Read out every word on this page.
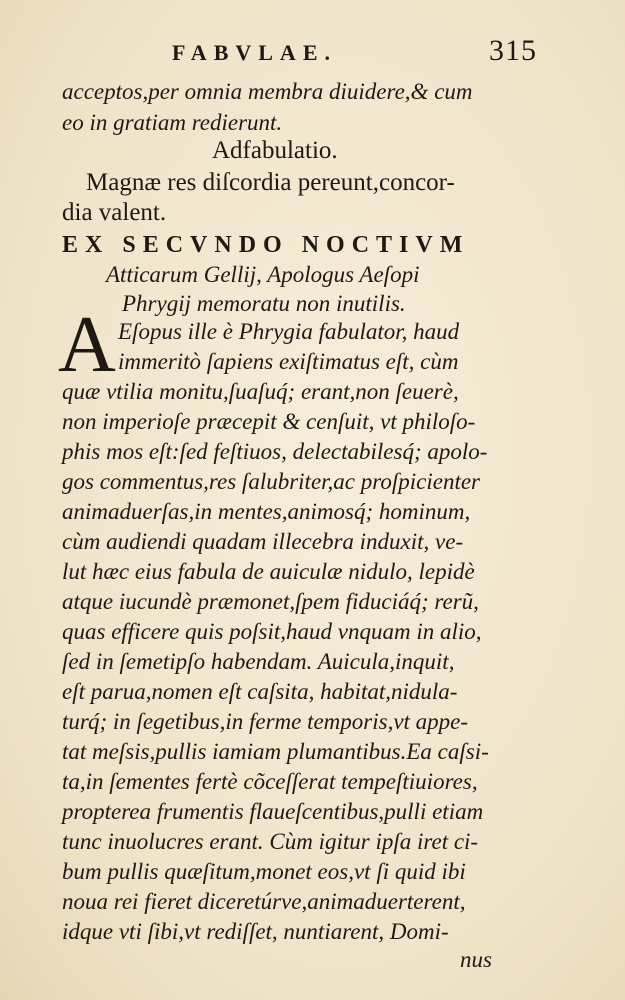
FABVLAE.	315
acceptos,per omnia membra diuidere,& cum
eo in gratiam redierunt.
Adfabulatio.
Magnæ res diſcordia pereunt,concor-
dia valent.
EX SECVNDO NOCTIVM
Atticarum Gellij, Apologus Aeſopi
Phrygij memoratu non inutilis.
A Eſopus ille è Phrygia fabulator, haud
immeritò ſapiens exiſtimatus eſt, cùm
quæ vtilia monitu,ſuaſuq́; erant,non ſeuerè,
non imperioſe præcepit & cenſuit, vt philoſo-
phis mos eſt:ſed feſtiuos, delectabilesq́; apolo-
gos commentus,res ſalubriter,ac proſpicienter
animaduerſas,in mentes,animosq́; hominum,
cùm audiendi quadam illecebra induxit, ve-
lut hæc eius fabula de auiculæ nidulo, lepidè
atque iucundè præmonet,ſpem fiduciáq́; rerũ,
quas efficere quis poſsit,haud vnquam in alio,
ſed in ſemetipſo habendam. Auicula,inquit,
eſt parua,nomen eſt caſsita, habitat,nidula-
turq́; in ſegetibus,in ferme temporis,vt appe-
tat meſsis,pullis iamiam plumantibus.Ea caſsi-
ta,in ſementes fertè cõceſſerat tempeſtiuiores,
propterea frumentis flaueſcentibus,pulli etiam
tunc inuolucres erant. Cùm igitur ipſa iret ci-
bum pullis quæſitum,monet eos,vt ſi quid ibi
noua rei fieret diceretúrve,animaduerterent,
idque vti ſibi,vt rediſſet, nuntiarent, Domi-
nus
